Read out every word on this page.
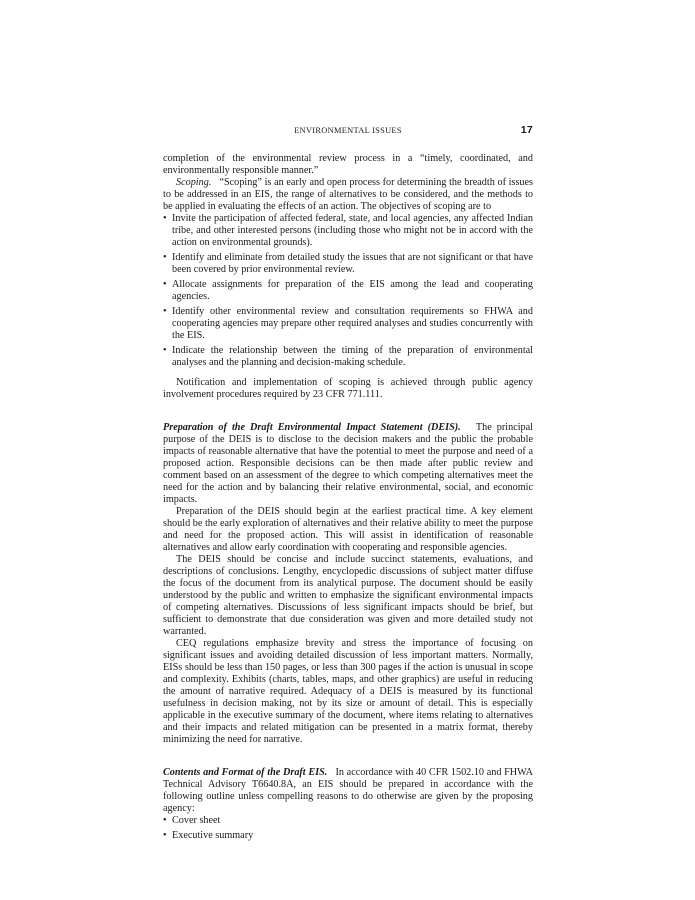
ENVIRONMENTAL ISSUES	17

completion of the environmental review process in a “timely, coordinated, and environmentally responsible manner.”

Scoping. “Scoping” is an early and open process for determining the breadth of issues to be addressed in an EIS, the range of alternatives to be considered, and the methods to be applied in evaluating the effects of an action. The objectives of scoping are to

• Invite the participation of affected federal, state, and local agencies, any affected Indian tribe, and other interested persons (including those who might not be in accord with the action on environmental grounds).
• Identify and eliminate from detailed study the issues that are not significant or that have been covered by prior environmental review.
• Allocate assignments for preparation of the EIS among the lead and cooperating agencies.
• Identify other environmental review and consultation requirements so FHWA and cooperating agencies may prepare other required analyses and studies concurrently with the EIS.
• Indicate the relationship between the timing of the preparation of environmental analyses and the planning and decision-making schedule.

Notification and implementation of scoping is achieved through public agency involvement procedures required by 23 CFR 771.111.

Preparation of the Draft Environmental Impact Statement (DEIS). The principal purpose of the DEIS is to disclose to the decision makers and the public the probable impacts of reasonable alternative that have the potential to meet the purpose and need of a proposed action. Responsible decisions can be then made after public review and comment based on an assessment of the degree to which competing alternatives meet the need for the action and by balancing their relative environmental, social, and economic impacts.

Preparation of the DEIS should begin at the earliest practical time. A key element should be the early exploration of alternatives and their relative ability to meet the purpose and need for the proposed action. This will assist in identification of reasonable alternatives and allow early coordination with cooperating and responsible agencies.

The DEIS should be concise and include succinct statements, evaluations, and descriptions of conclusions. Lengthy, encyclopedic discussions of subject matter diffuse the focus of the document from its analytical purpose. The document should be easily understood by the public and written to emphasize the significant environmental impacts of competing alternatives. Discussions of less significant impacts should be brief, but sufficient to demonstrate that due consideration was given and more detailed study not warranted.

CEQ regulations emphasize brevity and stress the importance of focusing on significant issues and avoiding detailed discussion of less important matters. Normally, EISs should be less than 150 pages, or less than 300 pages if the action is unusual in scope and complexity. Exhibits (charts, tables, maps, and other graphics) are useful in reducing the amount of narrative required. Adequacy of a DEIS is measured by its functional usefulness in decision making, not by its size or amount of detail. This is especially applicable in the executive summary of the document, where items relating to alternatives and their impacts and related mitigation can be presented in a matrix format, thereby minimizing the need for narrative.

Contents and Format of the Draft EIS. In accordance with 40 CFR 1502.10 and FHWA Technical Advisory T6640.8A, an EIS should be prepared in accordance with the following outline unless compelling reasons to do otherwise are given by the proposing agency:

• Cover sheet
• Executive summary
